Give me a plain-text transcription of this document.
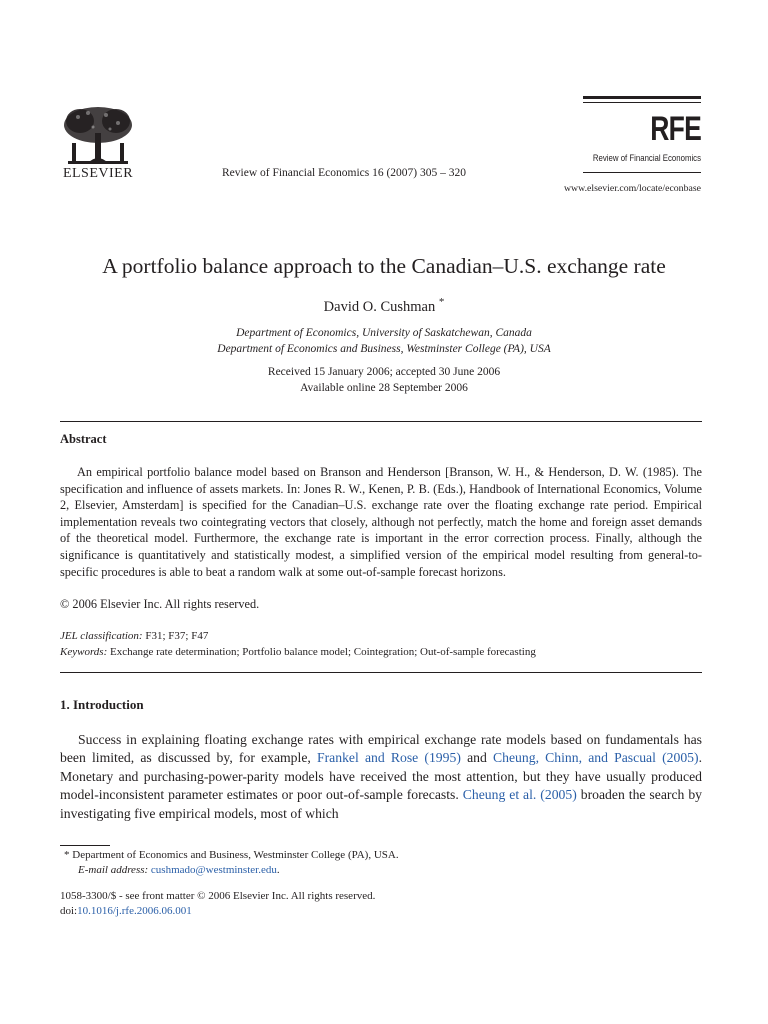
ELSEVIER	Review of Financial Economics 16 (2007) 305 – 320
RFE
Review of Financial Economics
www.elsevier.com/locate/econbase
A portfolio balance approach to the Canadian–U.S. exchange rate
David O. Cushman *
Department of Economics, University of Saskatchewan, Canada
Department of Economics and Business, Westminster College (PA), USA
Received 15 January 2006; accepted 30 June 2006
Available online 28 September 2006
Abstract

An empirical portfolio balance model based on Branson and Henderson [Branson, W. H., & Henderson, D. W. (1985). The specification and influence of assets markets. In: Jones R. W., Kenen, P. B. (Eds.), Handbook of International Economics, Volume 2, Elsevier, Amsterdam] is specified for the Canadian–U.S. exchange rate over the floating exchange rate period. Empirical implementation reveals two cointegrating vectors that closely, although not perfectly, match the home and foreign asset demands of the theoretical model. Furthermore, the exchange rate is important in the error correction process. Finally, although the significance is quantitatively and statistically modest, a simplified version of the empirical model resulting from general-to-specific procedures is able to beat a random walk at some out-of-sample forecast horizons.

© 2006 Elsevier Inc. All rights reserved.
JEL classification: F31; F37; F47
Keywords: Exchange rate determination; Portfolio balance model; Cointegration; Out-of-sample forecasting
1. Introduction

Success in explaining floating exchange rates with empirical exchange rate models based on fundamentals has been limited, as discussed by, for example, Frankel and Rose (1995) and Cheung, Chinn, and Pascual (2005). Monetary and purchasing-power-parity models have received the most attention, but they have usually produced model-inconsistent parameter estimates or poor out-of-sample forecasts. Cheung et al. (2005) broaden the search by investigating five empirical models, most of which

* Department of Economics and Business, Westminster College (PA), USA.
E-mail address: cushmado@westminster.edu.
1058-3300/$ - see front matter © 2006 Elsevier Inc. All rights reserved.
doi:10.1016/j.rfe.2006.06.001
